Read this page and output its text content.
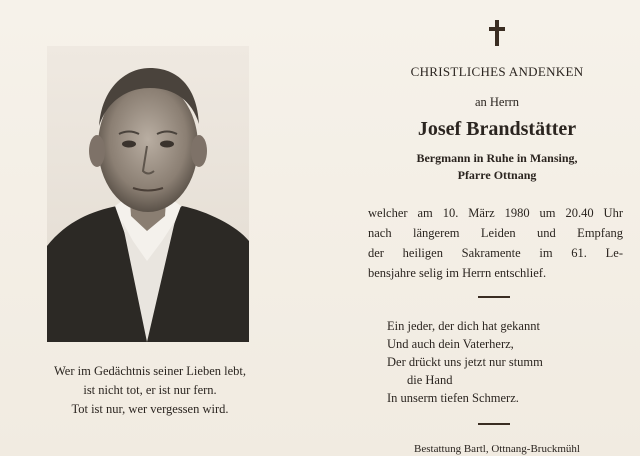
Wer im Gedächtnis seiner Lieben lebt,
ist nicht tot, er ist nur fern.
Tot ist nur, wer vergessen wird.
CHRISTLICHES ANDENKEN
an Herrn
Josef Brandstätter
Bergmann in Ruhe in Mansing,
Pfarre Ottnang
welcher am 10. März 1980 um 20.40 Uhr
nach längerem Leiden und Empfang
der heiligen Sakramente im 61. Le-
bensjahre selig im Herrn entschlief.
Ein jeder, der dich hat gekannt
Und auch dein Vaterherz,
Der drückt uns jetzt nur stumm
die Hand
In unserm tiefen Schmerz.
Bestattung Bartl, Ottnang-Bruckmühl
